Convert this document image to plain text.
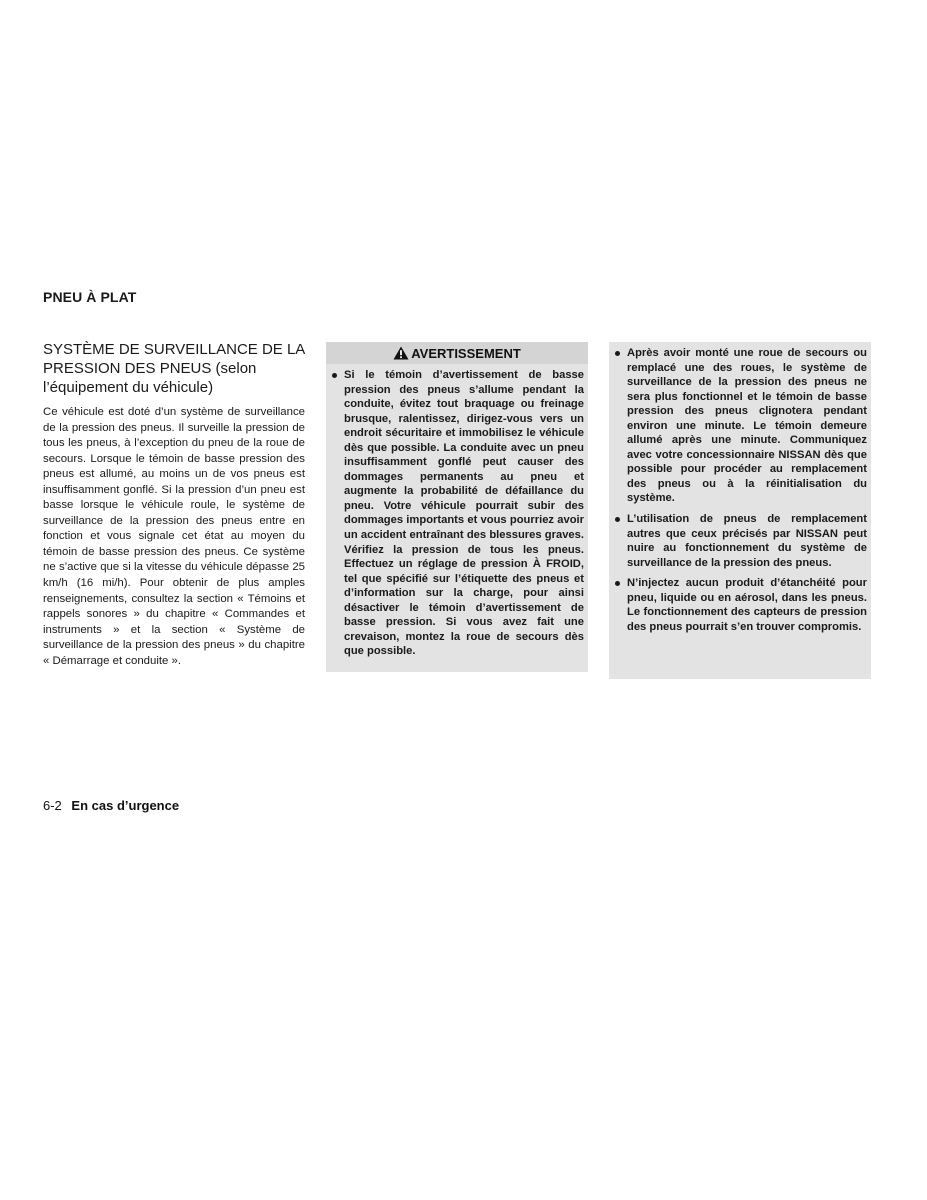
PNEU À PLAT
SYSTÈME DE SURVEILLANCE DE LA PRESSION DES PNEUS (selon l’équipement du véhicule)

Ce véhicule est doté d’un système de surveillance de la pression des pneus. Il surveille la pression de tous les pneus, à l’exception du pneu de la roue de secours. Lorsque le témoin de basse pression des pneus est allumé, au moins un de vos pneus est insuffisamment gonflé. Si la pression d’un pneu est basse lorsque le véhicule roule, le système de surveillance de la pression des pneus entre en fonction et vous signale cet état au moyen du témoin de basse pression des pneus. Ce système ne s’active que si la vitesse du véhicule dépasse 25 km/h (16 mi/h). Pour obtenir de plus amples renseignements, consultez la section « Témoins et rappels sonores » du chapitre « Commandes et instruments » et la section « Système de surveillance de la pression des pneus » du chapitre « Démarrage et conduite ».

AVERTISSEMENT
Si le témoin d’avertissement de basse pression des pneus s’allume pendant la conduite, évitez tout braquage ou freinage brusque, ralentissez, dirigez-vous vers un endroit sécuritaire et immobilisez le véhicule dès que possible. La conduite avec un pneu insuffisamment gonflé peut causer des dommages permanents au pneu et augmente la probabilité de défaillance du pneu. Votre véhicule pourrait subir des dommages importants et vous pourriez avoir un accident entraînant des blessures graves. Vérifiez la pression de tous les pneus. Effectuez un réglage de pression À FROID, tel que spécifié sur l’étiquette des pneus et d’information sur la charge, pour ainsi désactiver le témoin d’avertissement de basse pression. Si vous avez fait une crevaison, montez la roue de secours dès que possible.
Après avoir monté une roue de secours ou remplacé une des roues, le système de surveillance de la pression des pneus ne sera plus fonctionnel et le témoin de basse pression des pneus clignotera pendant environ une minute. Le témoin demeure allumé après une minute. Communiquez avec votre concessionnaire NISSAN dès que possible pour procéder au remplacement des pneus ou à la réinitialisation du système.
L’utilisation de pneus de remplacement autres que ceux précisés par NISSAN peut nuire au fonctionnement du système de surveillance de la pression des pneus.
N’injectez aucun produit d’étanchéité pour pneu, liquide ou en aérosol, dans les pneus. Le fonctionnement des capteurs de pression des pneus pourrait s’en trouver compromis.
6-2 En cas d’urgence
